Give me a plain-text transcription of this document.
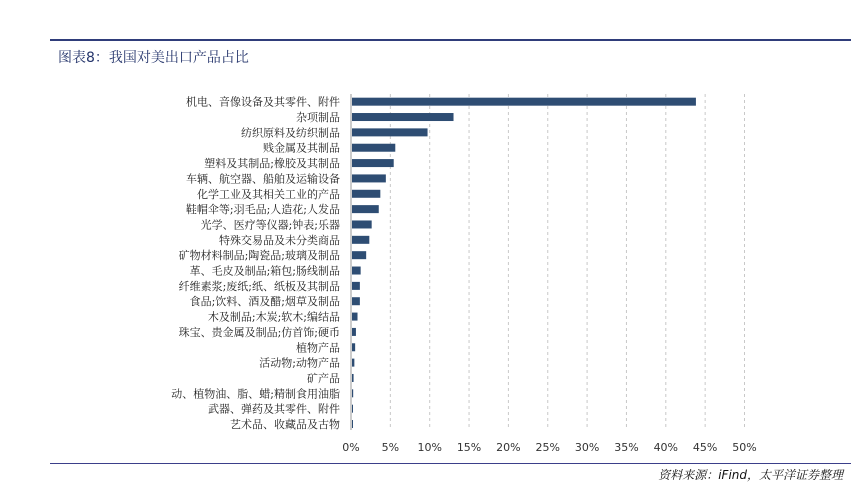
图表8：我国对美出口产品占比
0% 5% 10% 15% 20% 25% 30% 35% 40% 45% 50%
机电、音像设备及其零件、附件
杂项制品
纺织原料及纺织制品
贱金属及其制品
塑料及其制品;橡胶及其制品
车辆、航空器、船舶及运输设备
化学工业及其相关工业的产品
鞋帽伞等;羽毛品;人造花;人发品
光学、医疗等仪器;钟表;乐器
特殊交易品及未分类商品
矿物材料制品;陶瓷品;玻璃及制品
革、毛皮及制品;箱包;肠线制品
纤维素浆;废纸;纸、纸板及其制品
食品;饮料、酒及醋;烟草及制品
木及制品;木炭;软木;编结品
珠宝、贵金属及制品;仿首饰;硬币
植物产品
活动物;动物产品
矿产品
动、植物油、脂、蜡;精制食用油脂
武器、弹药及其零件、附件
艺术品、收藏品及古物
资料来源：iFind，太平洋证券整理
